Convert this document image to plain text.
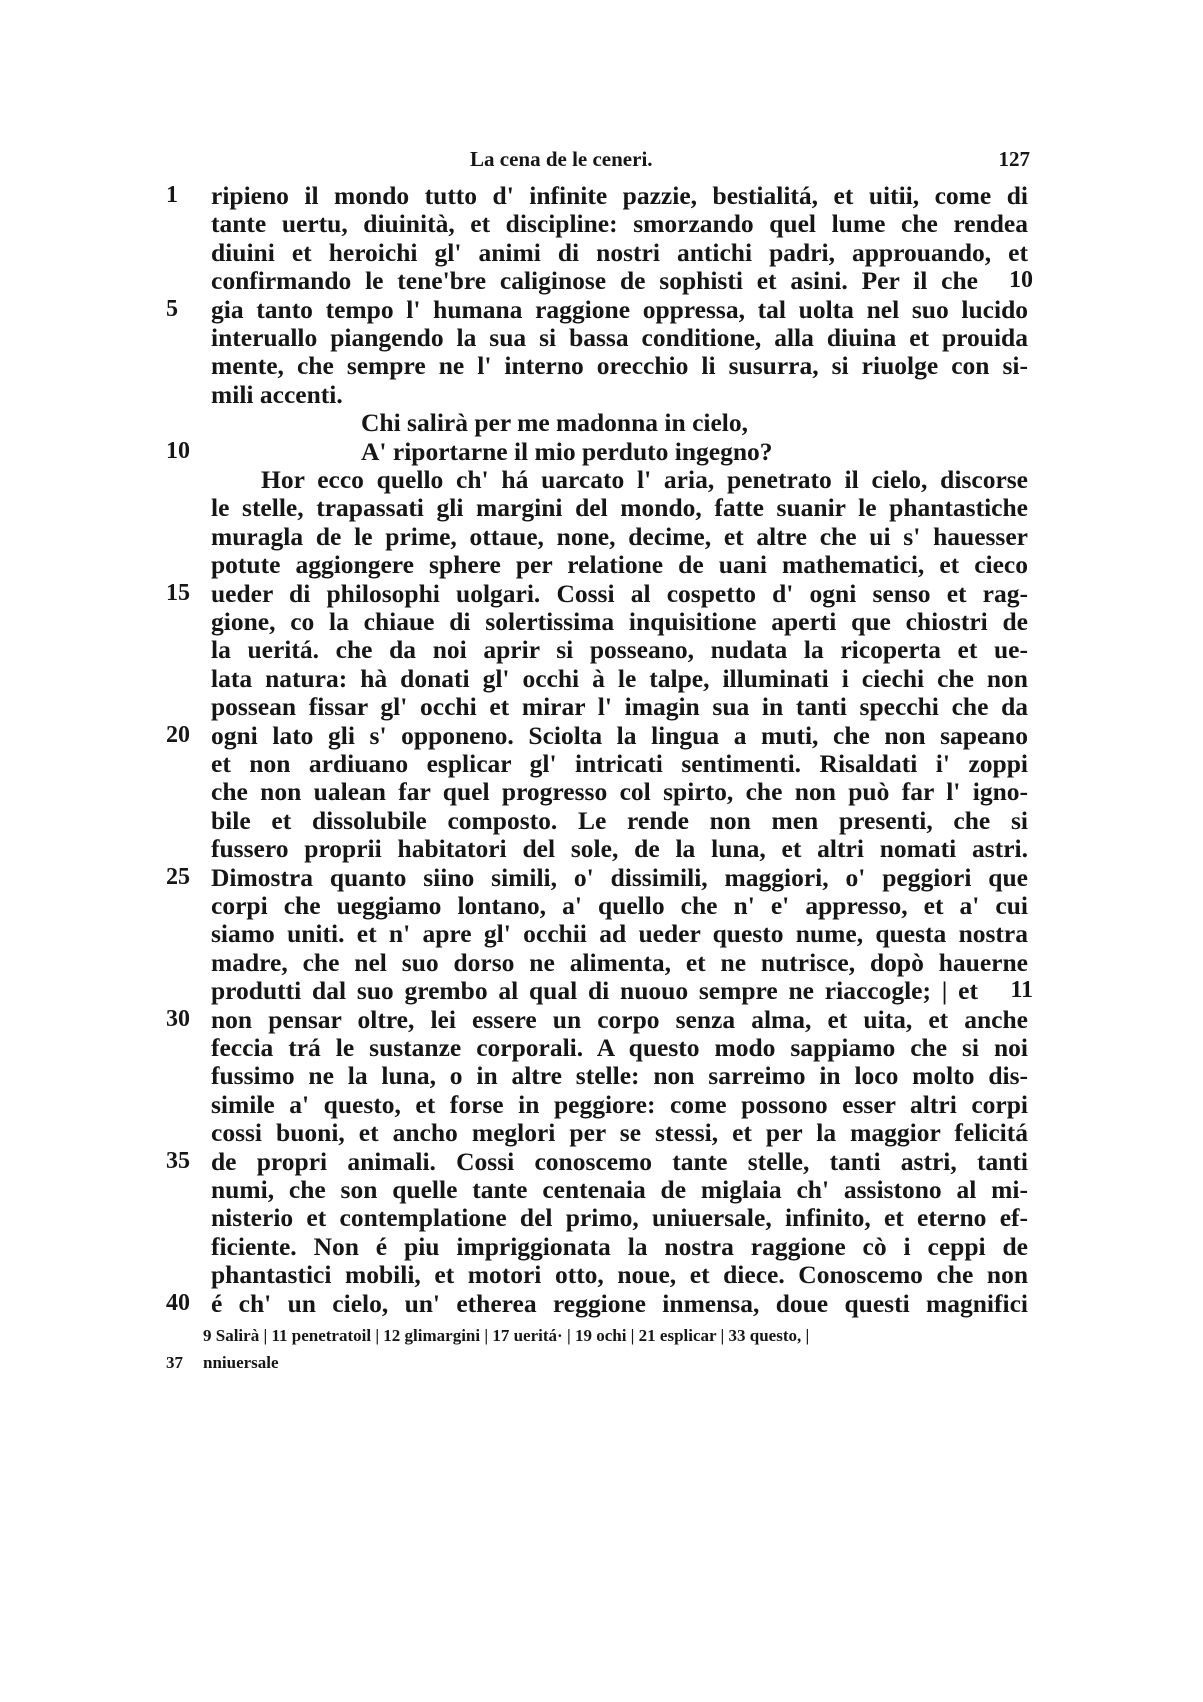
La cena de le ceneri.	127
ripieno il mondo tutto d' infinite pazzie, bestialitá, et uitii, come di
1
tante uertu, diuinità, et discipline: smorzando quel lume che rendea
diuini et heroichi gl' animi di nostri antichi padri, approuando, et
confirmando le tene'bre caliginose de sophisti et asini. Per il che 10
gia tanto tempo l' humana raggione oppressa, tal uolta nel suo lucido
5
interuallo piangendo la sua si bassa conditione, alla diuina et prouida
mente, che sempre ne l' interno orecchio li susurra, si riuolge con si-
mili accenti.
Chi salirà per me madonna in cielo,
A' riportarne il mio perduto ingegno?
10
Hor ecco quello ch' há uarcato l' aria, penetrato il cielo, discorse
le stelle, trapassati gli margini del mondo, fatte suanir le phantastiche
muragla de le prime, ottaue, none, decime, et altre che ui s' hauesser
potute aggiongere sphere per relatione de uani mathematici, et cieco
ueder di philosophi uolgari. Cossi al cospetto d' ogni senso et rag-
15
gione, co la chiaue di solertissima inquisitione aperti que chiostri de
la ueritá. che da noi aprir si posseano, nudata la ricoperta et ue-
lata natura: hà donati gl' occhi à le talpe, illuminati i ciechi che non
possean fissar gl' occhi et mirar l' imagin sua in tanti specchi che da
ogni lato gli s' opponeno. Sciolta la lingua a muti, che non sapeano
20
et non ardiuano esplicar gl' intricati sentimenti. Risaldati i' zoppi
che non ualean far quel progresso col spirto, che non può far l' igno-
bile et dissolubile composto. Le rende non men presenti, che si
fussero proprii habitatori del sole, de la luna, et altri nomati astri.
Dimostra quanto siino simili, o' dissimili, maggiori, o' peggiori que
25
corpi che ueggiamo lontano, a' quello che n' e' appresso, et a' cui
siamo uniti. et n' apre gl' occhii ad ueder questo nume, questa nostra
madre, che nel suo dorso ne alimenta, et ne nutrisce, dopò hauerne
produtti dal suo grembo al qual di nuouo sempre ne riaccogle; | et	11
non pensar oltre, lei essere un corpo senza alma, et uita, et anche
30
feccia trá le sustanze corporali. A questo modo sappiamo che si noi
fussimo ne la luna, o in altre stelle: non sarreimo in loco molto dis-
simile a' questo, et forse in peggiore: come possono esser altri corpi
cossi buoni, et ancho meglori per se stessi, et per la maggior felicitá
de propri animali. Cossi conoscemo tante stelle, tanti astri, tanti
35
numi, che son quelle tante centenaia de miglaia ch' assistono al mi-
nisterio et contemplatione del primo, uniuersale, infinito, et eterno ef-
ficiente. Non é piu impriggionata la nostra raggione cò i ceppi de
phantastici mobili, et motori otto, noue, et diece. Conoscemo che non
é ch' un cielo, un' etherea reggione inmensa, doue questi magnifici
40
9 Salirà | 11 penetratoil | 12 glimargini | 17 ueritá· | 19 ochi | 21 esplicar | 33 questo, |
nniuersale
37
